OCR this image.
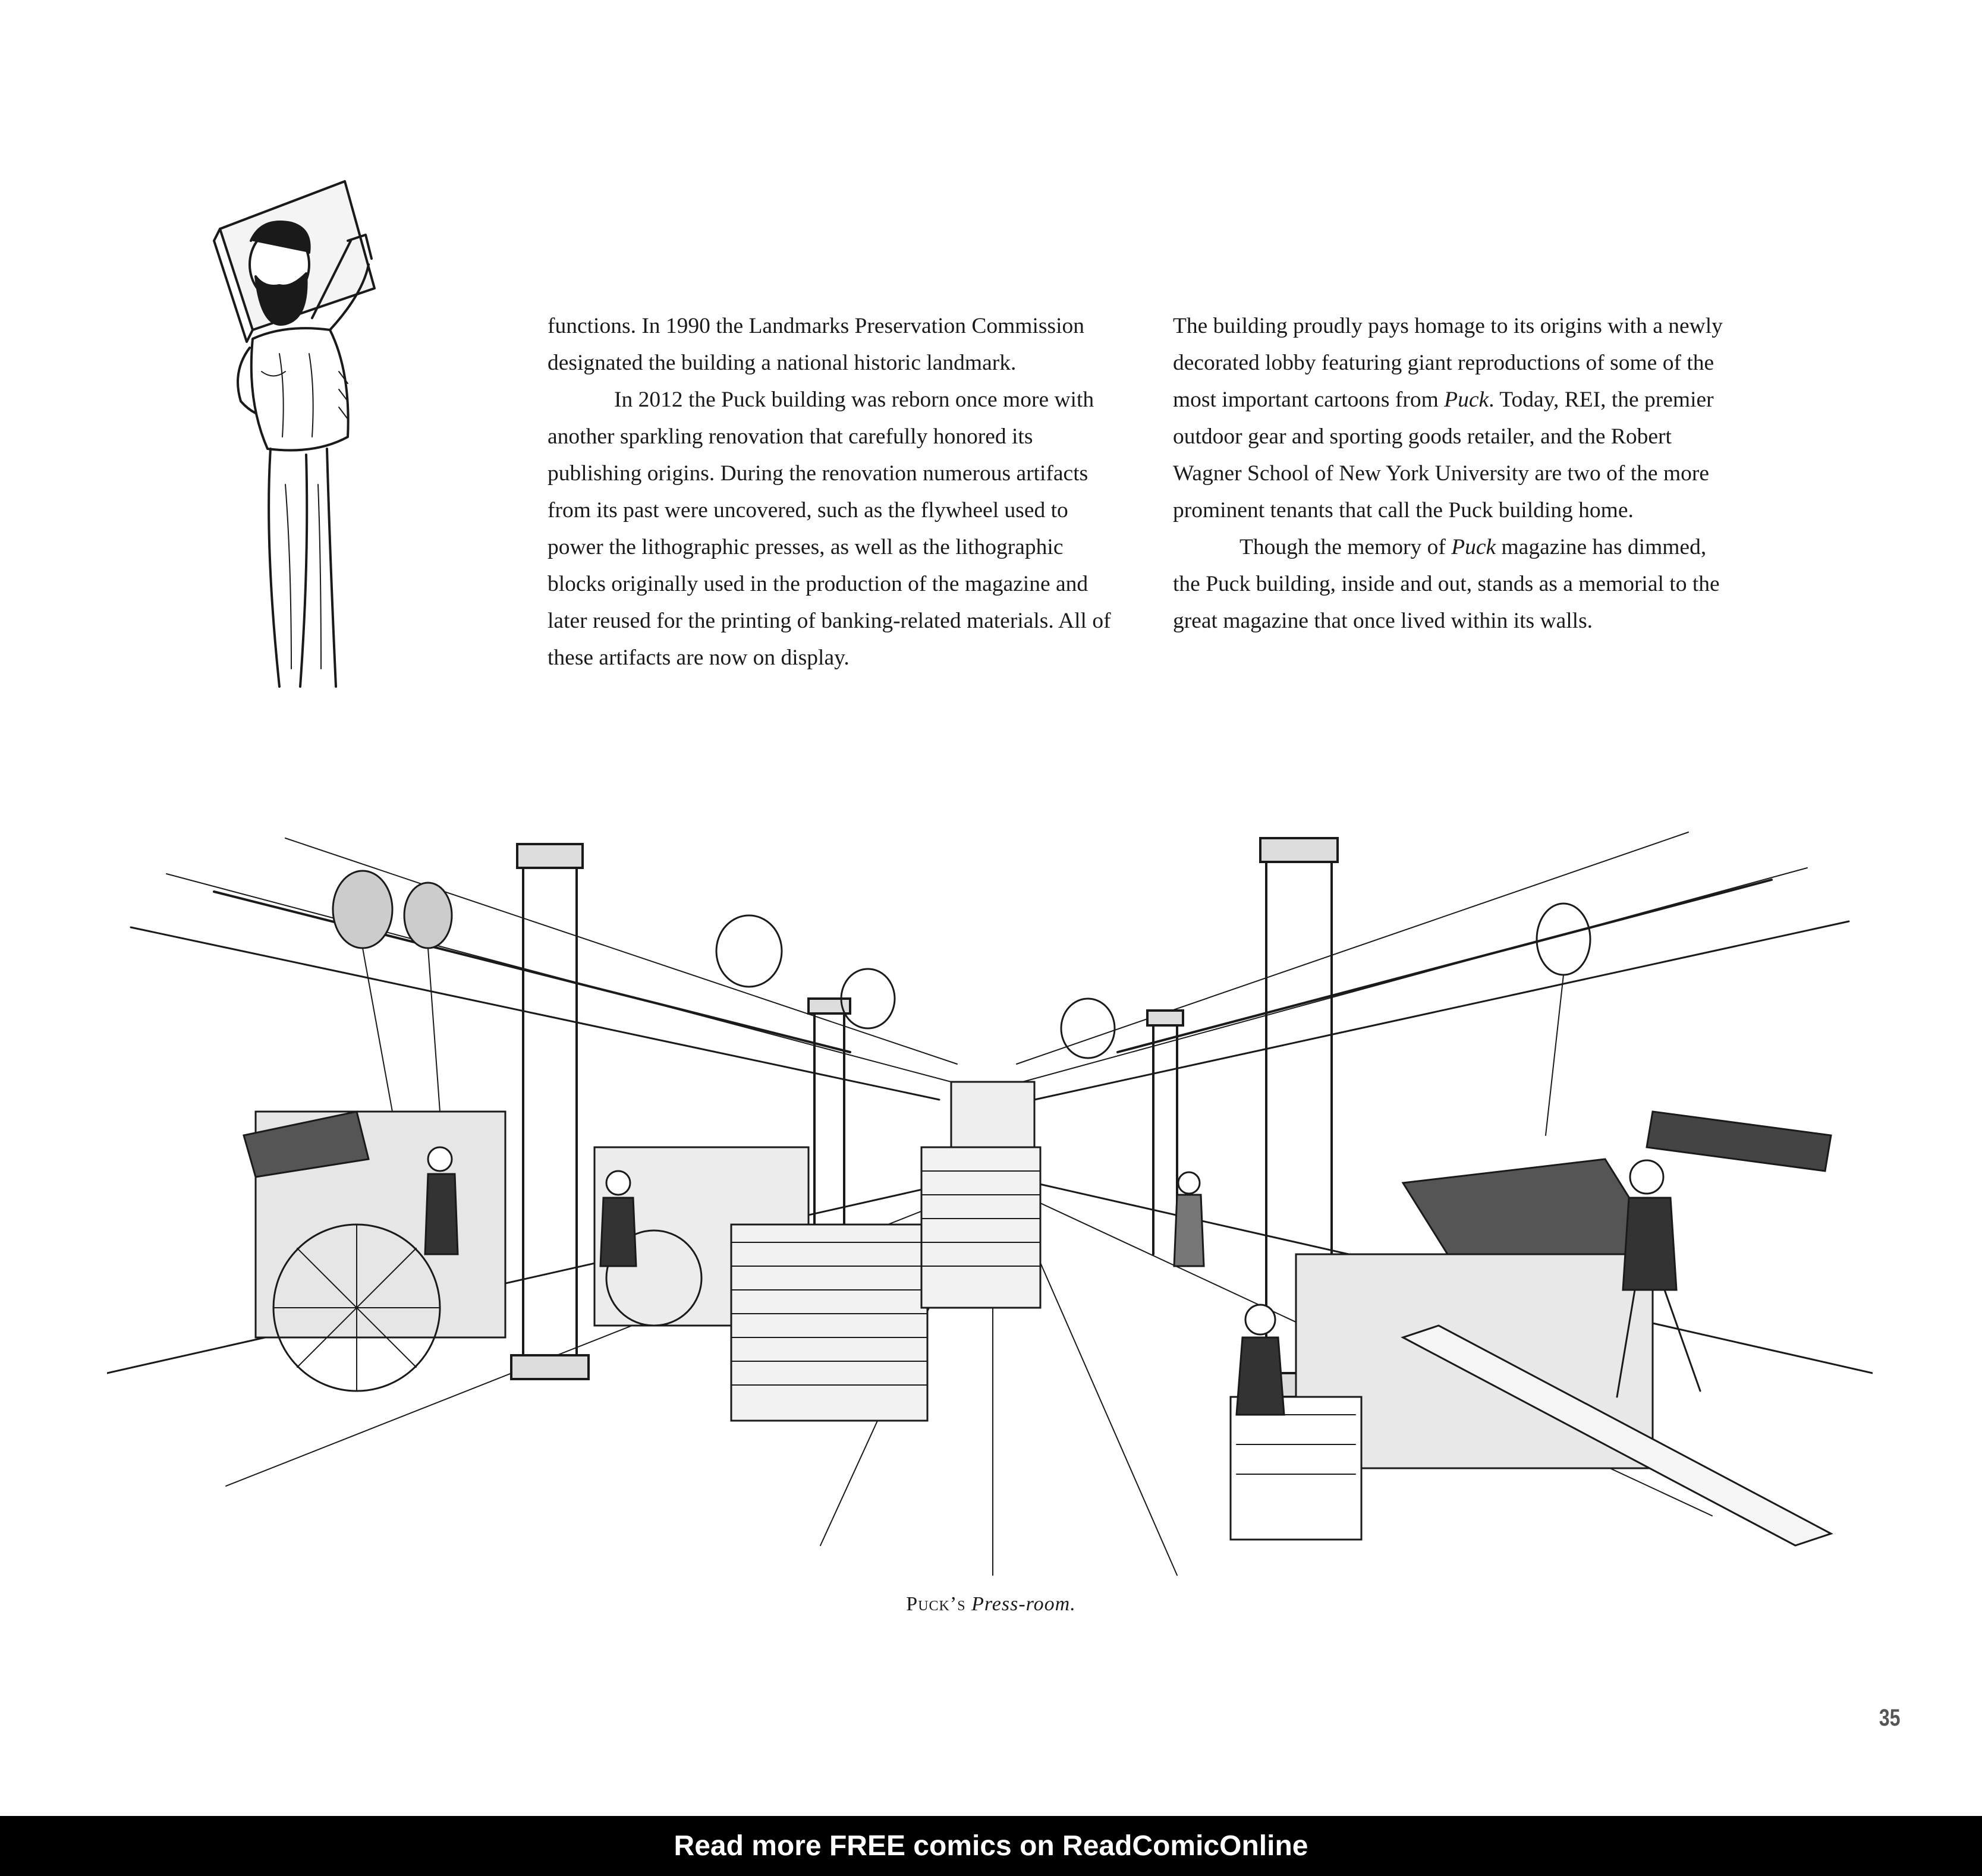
functions. In 1990 the Landmarks Preservation Commission designated the building a national historic landmark.

In 2012 the Puck building was reborn once more with another sparkling renovation that carefully honored its publishing origins. During the renovation numerous artifacts from its past were uncovered, such as the flywheel used to power the lithographic presses, as well as the lithographic blocks originally used in the production of the magazine and later reused for the printing of banking-related materials. All of these artifacts are now on display.

The building proudly pays homage to its origins with a newly decorated lobby featuring giant reproductions of some of the most important cartoons from Puck. Today, REI, the premier outdoor gear and sporting goods retailer, and the Robert Wagner School of New York University are two of the more prominent tenants that call the Puck building home.

Though the memory of Puck magazine has dimmed, the Puck building, inside and out, stands as a memorial to the great magazine that once lived within its walls.

Puck’s Press-room.
35
Read more FREE comics on ReadComicOnline
